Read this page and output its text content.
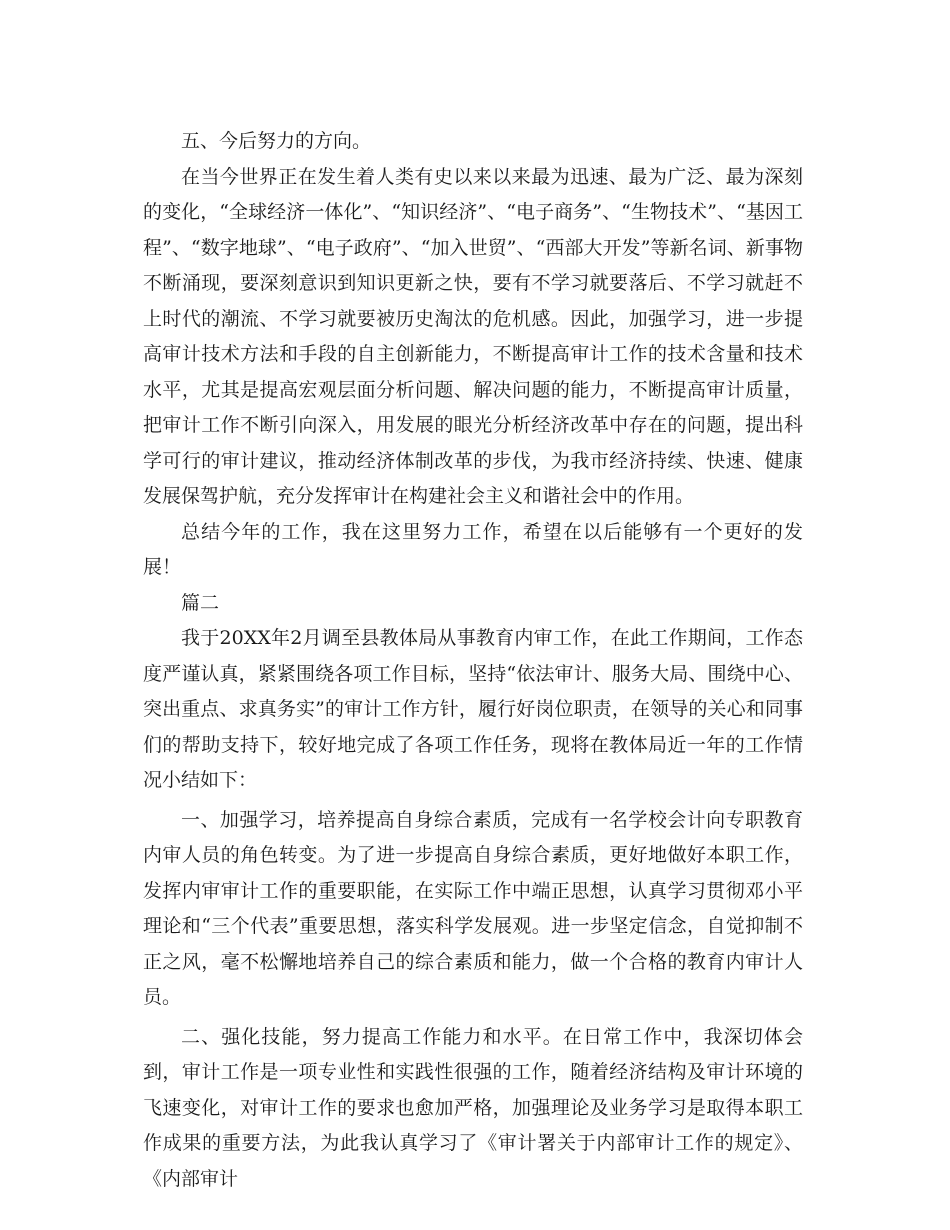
五、今后努力的方向。

在当今世界正在发生着人类有史以来以来最为迅速、最为广泛、最为深刻的变化，“全球经济一体化”、“知识经济”、“电子商务”、“生物技术”、“基因工程”、“数字地球”、“电子政府”、“加入世贸”、“西部大开发”等新名词、新事物不断涌现，要深刻意识到知识更新之快，要有不学习就要落后、不学习就赶不上时代的潮流、不学习就要被历史淘汰的危机感。因此，加强学习，进一步提高审计技术方法和手段的自主创新能力，不断提高审计工作的技术含量和技术水平，尤其是提高宏观层面分析问题、解决问题的能力，不断提高审计质量，把审计工作不断引向深入，用发展的眼光分析经济改革中存在的问题，提出科学可行的审计建议，推动经济体制改革的步伐，为我市经济持续、快速、健康发展保驾护航，充分发挥审计在构建社会主义和谐社会中的作用。

总结今年的工作，我在这里努力工作，希望在以后能够有一个更好的发展！

篇二

我于20XX年2月调至县教体局从事教育内审工作，在此工作期间，工作态度严谨认真，紧紧围绕各项工作目标，坚持“依法审计、服务大局、围绕中心、突出重点、求真务实”的审计工作方针，履行好岗位职责，在领导的关心和同事们的帮助支持下，较好地完成了各项工作任务，现将在教体局近一年的工作情况小结如下：

一、加强学习，培养提高自身综合素质，完成有一名学校会计向专职教育内审人员的角色转变。为了进一步提高自身综合素质，更好地做好本职工作，发挥内审审计工作的重要职能，在实际工作中端正思想，认真学习贯彻邓小平理论和“三个代表”重要思想，落实科学发展观。进一步坚定信念，自觉抑制不正之风，毫不松懈地培养自己的综合素质和能力，做一个合格的教育内审计人员。

二、强化技能，努力提高工作能力和水平。在日常工作中，我深切体会到，审计工作是一项专业性和实践性很强的工作，随着经济结构及审计环境的飞速变化，对审计工作的要求也愈加严格，加强理论及业务学习是取得本职工作成果的重要方法，为此我认真学习了《审计署关于内部审计工作的规定》、《内部审计
